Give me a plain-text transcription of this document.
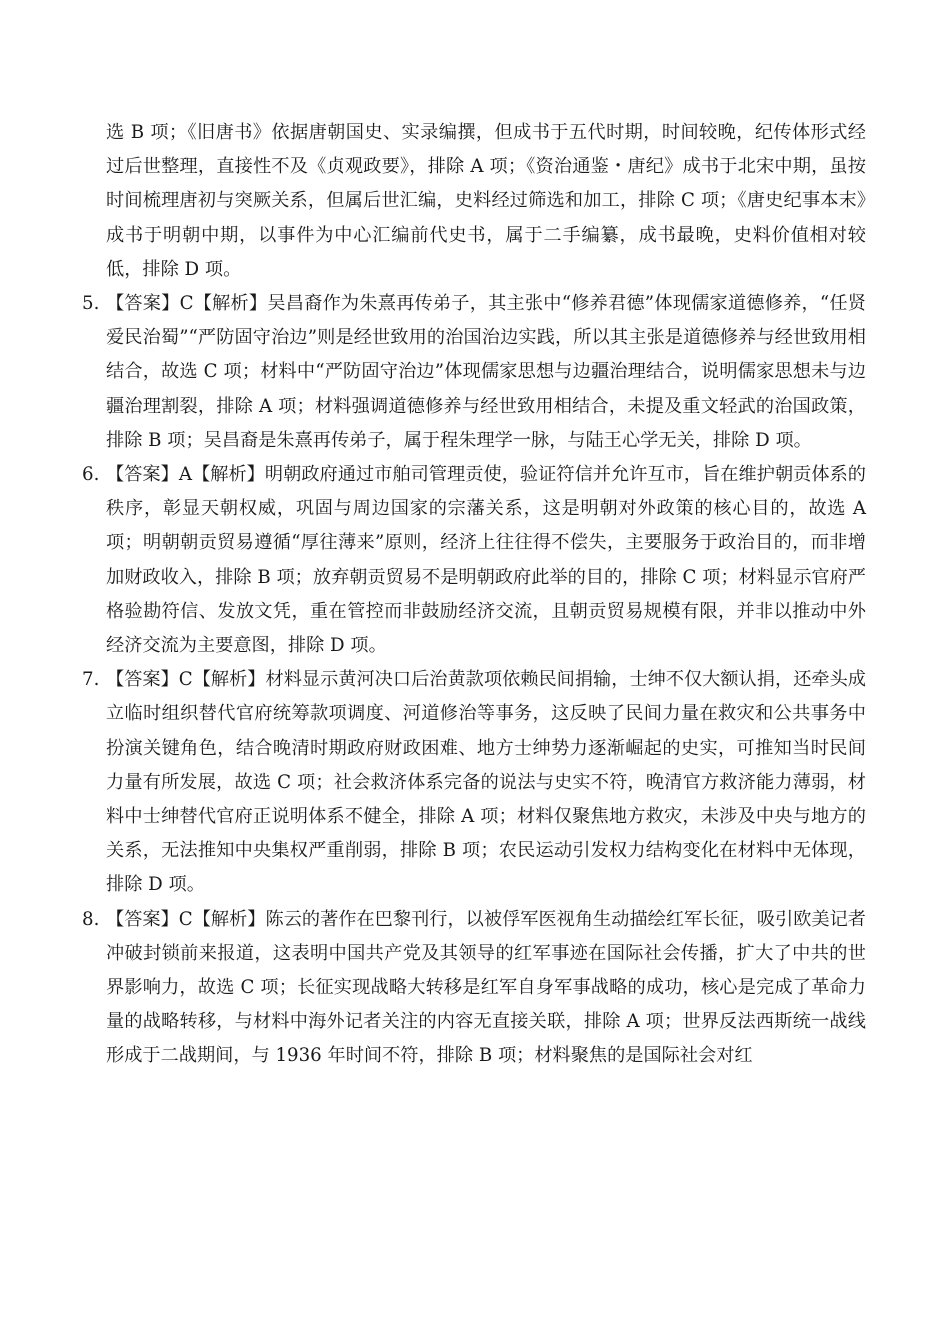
选 B 项；《旧唐书》依据唐朝国史、实录编撰，但成书于五代时期，时间较晚，纪传体形式经过后世整理，直接性不及《贞观政要》，排除 A 项；《资治通鉴・唐纪》成书于北宋中期，虽按时间梳理唐初与突厥关系，但属后世汇编，史料经过筛选和加工，排除 C 项；《唐史纪事本末》成书于明朝中期，以事件为中心汇编前代史书，属于二手编纂，成书最晚，史料价值相对较低，排除 D 项。

5. 【答案】C【解析】吴昌裔作为朱熹再传弟子，其主张中“修养君德”体现儒家道德修养，“任贤爱民治蜀”“严防固守治边”则是经世致用的治国治边实践，所以其主张是道德修养与经世致用相结合，故选 C 项；材料中“严防固守治边”体现儒家思想与边疆治理结合，说明儒家思想未与边疆治理割裂，排除 A 项；材料强调道德修养与经世致用相结合，未提及重文轻武的治国政策，排除 B 项；吴昌裔是朱熹再传弟子，属于程朱理学一脉，与陆王心学无关，排除 D 项。

6. 【答案】A【解析】明朝政府通过市舶司管理贡使，验证符信并允许互市，旨在维护朝贡体系的秩序，彰显天朝权威，巩固与周边国家的宗藩关系，这是明朝对外政策的核心目的，故选 A 项；明朝朝贡贸易遵循“厚往薄来”原则，经济上往往得不偿失，主要服务于政治目的，而非增加财政收入，排除 B 项；放弃朝贡贸易不是明朝政府此举的目的，排除 C 项；材料显示官府严格验勘符信、发放文凭，重在管控而非鼓励经济交流，且朝贡贸易规模有限，并非以推动中外经济交流为主要意图，排除 D 项。

7. 【答案】C【解析】材料显示黄河决口后治黄款项依赖民间捐输，士绅不仅大额认捐，还牵头成立临时组织替代官府统筹款项调度、河道修治等事务，这反映了民间力量在救灾和公共事务中扮演关键角色，结合晚清时期政府财政困难、地方士绅势力逐渐崛起的史实，可推知当时民间力量有所发展，故选 C 项；社会救济体系完备的说法与史实不符，晚清官方救济能力薄弱，材料中士绅替代官府正说明体系不健全，排除 A 项；材料仅聚焦地方救灾，未涉及中央与地方的关系，无法推知中央集权严重削弱，排除 B 项；农民运动引发权力结构变化在材料中无体现，排除 D 项。

8. 【答案】C【解析】陈云的著作在巴黎刊行，以被俘军医视角生动描绘红军长征，吸引欧美记者冲破封锁前来报道，这表明中国共产党及其领导的红军事迹在国际社会传播，扩大了中共的世界影响力，故选 C 项；长征实现战略大转移是红军自身军事战略的成功，核心是完成了革命力量的战略转移，与材料中海外记者关注的内容无直接关联，排除 A 项；世界反法西斯统一战线形成于二战期间，与 1936 年时间不符，排除 B 项；材料聚焦的是国际社会对红
